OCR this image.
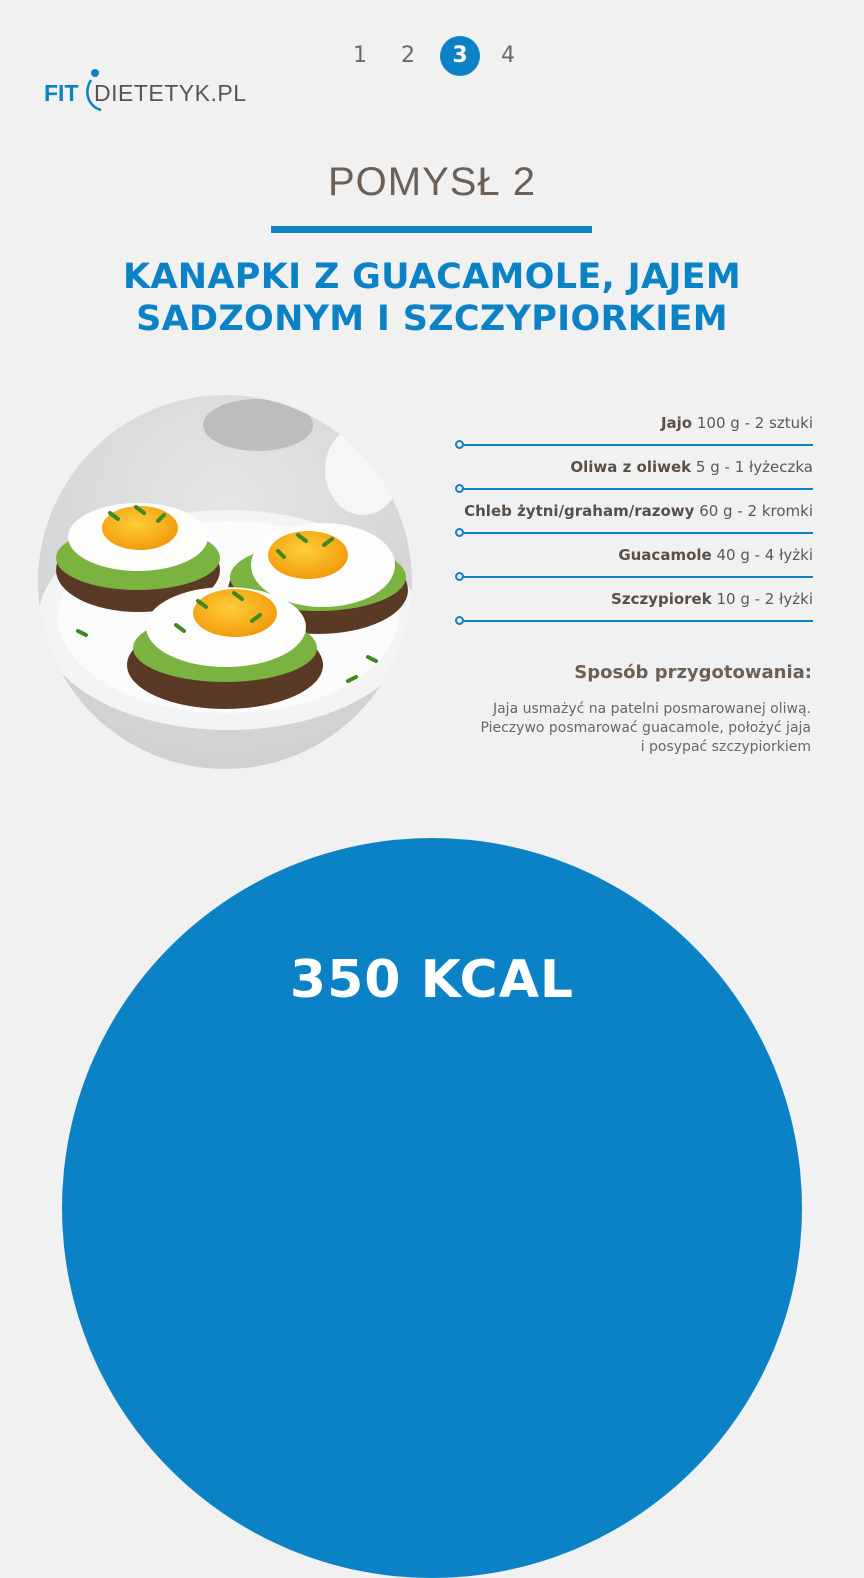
1	2	3	4
FIT DIETETYK.PL
POMYSŁ 2
KANAPKI Z GUACAMOLE, JAJEM SADZONYM I SZCZYPIORKIEM
Jajo 100 g - 2 sztuki
Oliwa z oliwek 5 g - 1 łyżeczka
Chleb żytni/graham/razowy 60 g - 2 kromki
Guacamole 40 g - 4 łyżki
Szczypiorek 10 g - 2 łyżki
Sposób przygotowania:
Jaja usmażyć na patelni posmarowanej oliwą.
Pieczywo posmarować guacamole, położyć jaja
i posypać szczypiorkiem
350 KCAL
